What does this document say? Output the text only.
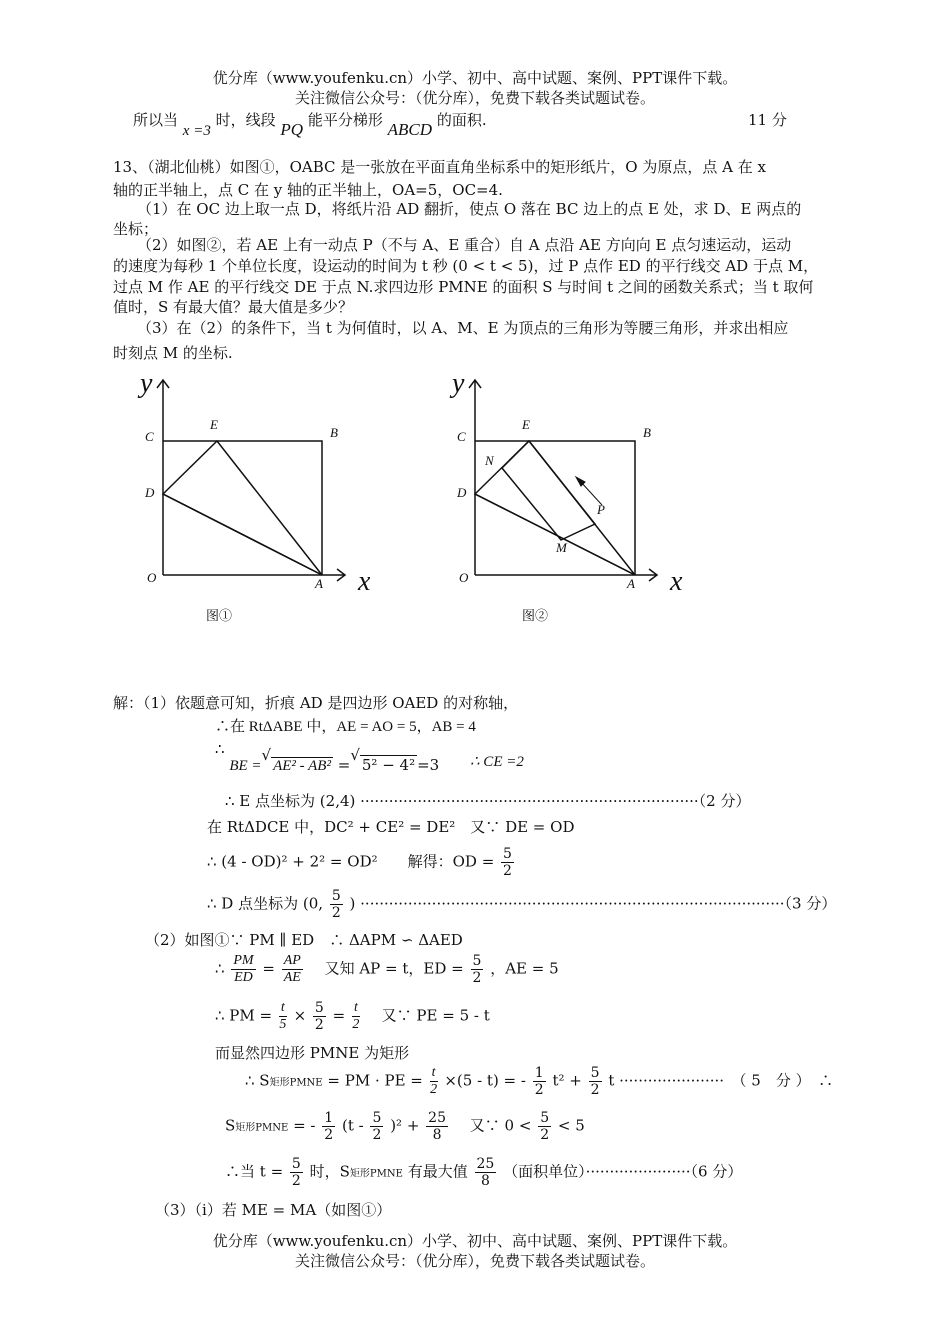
优分库（www.youfenku.cn）小学、初中、高中试题、案例、PPT课件下载。
关注微信公众号：（优分库），免费下载各类试题试卷。
所以当 x =3 时，线段 PQ 能平分梯形 ABCD 的面积.	11 分
13、（湖北仙桃）如图①，OABC 是一张放在平面直角坐标系中的矩形纸片，O 为原点，点 A 在 x
轴的正半轴上，点 C 在 y 轴的正半轴上，OA=5，OC=4.
（1）在 OC 边上取一点 D，将纸片沿 AD 翻折，使点 O 落在 BC 边上的点 E 处，求 D、E 两点的
坐标；
（2）如图②，若 AE 上有一动点 P（不与 A、E 重合）自 A 点沿 AE 方向向 E 点匀速运动，运动
的速度为每秒 1 个单位长度，设运动的时间为 t 秒 (0 < t < 5)，过 P 点作 ED 的平行线交 AD 于点 M，
过点 M 作 AE 的平行线交 DE 于点 N.求四边形 PMNE 的面积 S 与时间 t 之间的函数关系式；当 t 取何
值时，S 有最大值？最大值是多少？
（3）在（2）的条件下，当 t 为何值时，以 A、M、E 为顶点的三角形为等腰三角形，并求出相应
时刻点 M 的坐标.
y
x
C
E
B
D
O	A
图①
y
x
C
E
B
N
D
P
M
O	A
图②
解：（1）依题意可知，折痕 AD 是四边形 OAED 的对称轴，
∴在 RtΔABE 中，AE = AO = 5，AB = 4
∴ BE =√AE² - AB² =√5² − 4² =3 ∴ CE =2
∴ E 点坐标为 (2,4) ·······································································（2 分）
在 RtΔDCE 中，DC² + CE² = DE²　又∵ DE = OD
∴ (4 - OD)² + 2² = OD²　　解得：OD = $\frac{5}{2}$
∴ D 点坐标为 (0, $\frac{5}{2}$ ) ·························································································（3 分）
（2）如图①∵ PM ∥ ED　∴ ΔAPM ∽ ΔAED
∴ $\frac{PM}{ED} = \frac{AP}{AE}$ 　又知 AP = t，ED = $\frac{5}{2}$ ，AE = 5
∴ PM = $\frac{t}{5} \times \frac{5}{2} = \frac{t}{2}$ 　又∵ PE = 5 - t
而显然四边形 PMNE 为矩形
∴ S矩形PMNE = PM · PE = $\frac{t}{2} \times(5 - t)$ = - $\frac{1}{2} t^2 + \frac{5}{2}$ t ······················　（ 5　分 ）　∴
S矩形PMNE = - $\frac{1}{2} (t - \frac{5}{2} )^2 + \frac{25}{8}$ 　又∵ $0 < \frac{5}{2} < 5$
∴当 $t = \frac{5}{2}$ 时，S矩形PMNE 有最大值 $\frac{25}{8}$ （面积单位）······················（6 分）
（3）（i）若 ME = MA（如图①）
优分库（www.youfenku.cn）小学、初中、高中试题、案例、PPT课件下载。
关注微信公众号：（优分库），免费下载各类试题试卷。
